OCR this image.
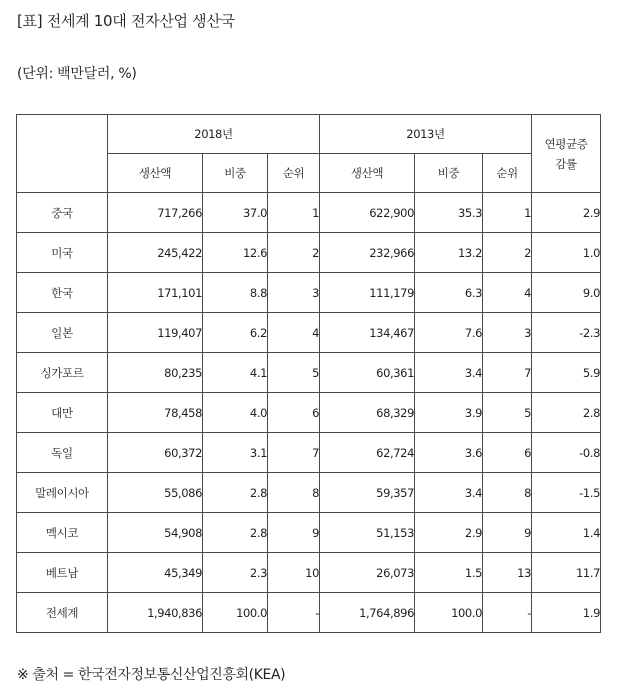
[표] 전세계 10대 전자산업 생산국
(단위: 백만달러, %)
	2018년			2013년			연평균증
감률

	생산액	비중	순위	생산액	비중	순위	
중국	717,266	37.0	1	622,900	35.3	1	2.9
미국	245,422	12.6	2	232,966	13.2	2	1.0
한국	171,101	8.8	3	111,179	6.3	4	9.0
일본	119,407	6.2	4	134,467	7.6	3	-2.3
싱가포르	80,235	4.1	5	60,361	3.4	7	5.9
대만	78,458	4.0	6	68,329	3.9	5	2.8
독일	60,372	3.1	7	62,724	3.6	6	-0.8
말레이시아	55,086	2.8	8	59,357	3.4	8	-1.5
멕시코	54,908	2.8	9	51,153	2.9	9	1.4
베트남	45,349	2.3	10	26,073	1.5	13	11.7
전세계	1,940,836	100.0	-	1,764,896	100.0	-	1.9
※ 출처 = 한국전자정보통신산업진흥회(KEA)
